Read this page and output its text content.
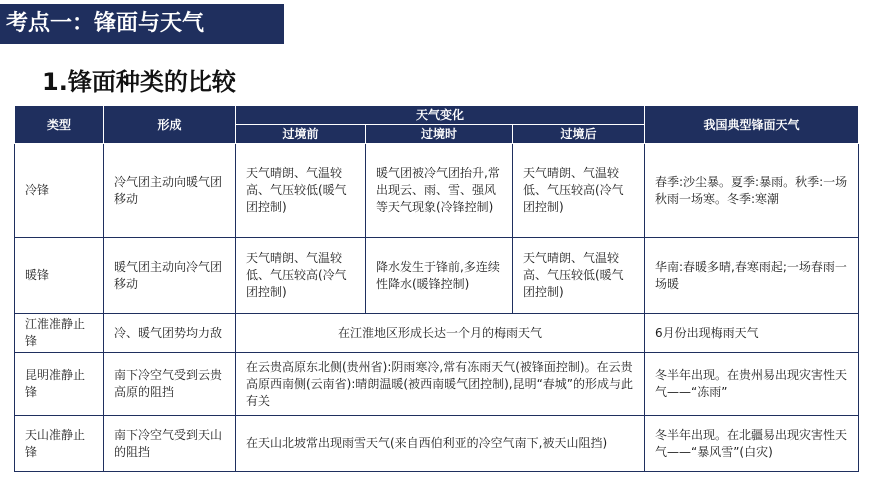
考点一：锋面与天气
1.锋面种类的比较
类型	形成	天气变化			我国典型锋面天气
		过境前	过境时	过境后	
冷锋	冷气团主动向暖气团移动	天气晴朗、气温较高、气压较低(暖气团控制)	暖气团被冷气团抬升,常出现云、雨、雪、强风等天气现象(冷锋控制)	天气晴朗、气温较低、气压较高(冷气团控制)	春季:沙尘暴。夏季:暴雨。秋季:一场秋雨一场寒。冬季:寒潮
暖锋	暖气团主动向冷气团移动	天气晴朗、气温较低、气压较高(冷气团控制)	降水发生于锋前,多连续性降水(暖锋控制)	天气晴朗、气温较高、气压较低(暖气团控制)	华南:春暖多晴,春寒雨起;一场春雨一场暖
江淮准静止锋	冷、暖气团势均力敌	在江淮地区形成长达一个月的梅雨天气			6月份出现梅雨天气
昆明准静止锋	南下冷空气受到云贵高原的阻挡	在云贵高原东北侧(贵州省):阴雨寒冷,常有冻雨天气(被锋面控制)。在云贵高原西南侧(云南省):晴朗温暖(被西南暖气团控制),昆明“春城”的形成与此有关			冬半年出现。在贵州易出现灾害性天气——“冻雨”
天山准静止锋	南下冷空气受到天山的阻挡	在天山北坡常出现雨雪天气(来自西伯利亚的冷空气南下,被天山阻挡)			冬半年出现。在北疆易出现灾害性天气——“暴风雪”(白灾)
